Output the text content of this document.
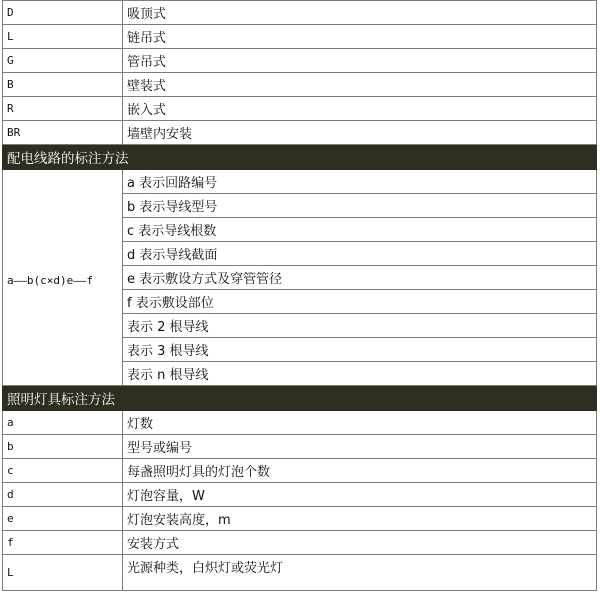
D	吸顶式
L	链吊式
G	管吊式
B	壁装式
R	嵌入式
BR	墙壁内安装
配电线路的标注方法	
a——b(c×d)e——f	a 表示回路编号
	b 表示导线型号
	c 表示导线根数
	d 表示导线截面
	e 表示敷设方式及穿管管径
	f 表示敷设部位
	表示 2 根导线
	表示 3 根导线
	表示 n 根导线
照明灯具标注方法	
a	灯数
b	型号或编号
c	每盏照明灯具的灯泡个数
d	灯泡容量，W
e	灯泡安装高度，m
f	安装方式
L	光源种类，白炽灯或荧光灯
